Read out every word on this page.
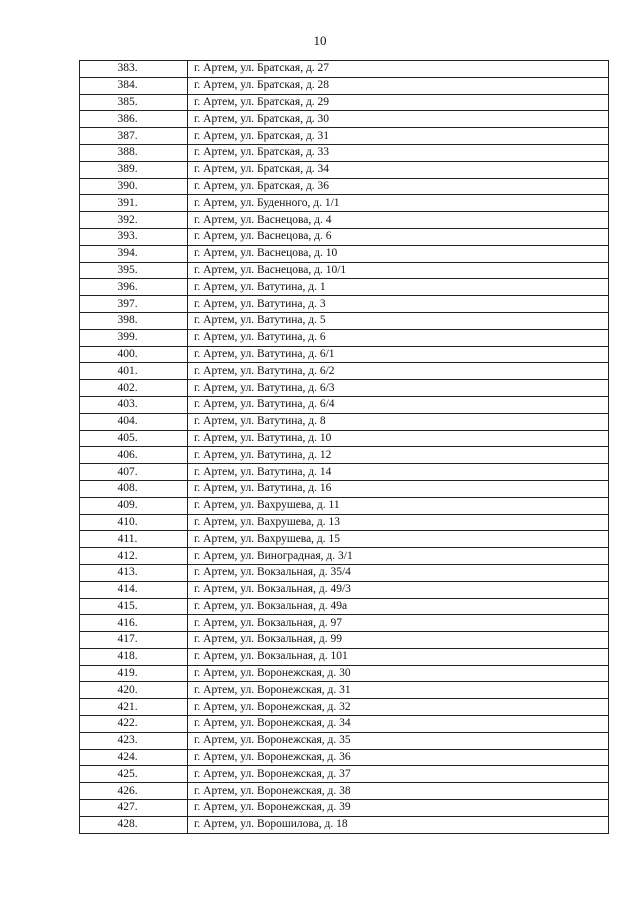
10
383.	г. Артем, ул. Братская, д. 27
384.	г. Артем, ул. Братская, д. 28
385.	г. Артем, ул. Братская, д. 29
386.	г. Артем, ул. Братская, д. 30
387.	г. Артем, ул. Братская, д. 31
388.	г. Артем, ул. Братская, д. 33
389.	г. Артем, ул. Братская, д. 34
390.	г. Артем, ул. Братская, д. 36
391.	г. Артем, ул. Буденного, д. 1/1
392.	г. Артем, ул. Васнецова, д. 4
393.	г. Артем, ул. Васнецова, д. 6
394.	г. Артем, ул. Васнецова, д. 10
395.	г. Артем, ул. Васнецова, д. 10/1
396.	г. Артем, ул. Ватутина, д. 1
397.	г. Артем, ул. Ватутина, д. 3
398.	г. Артем, ул. Ватутина, д. 5
399.	г. Артем, ул. Ватутина, д. 6
400.	г. Артем, ул. Ватутина, д. 6/1
401.	г. Артем, ул. Ватутина, д. 6/2
402.	г. Артем, ул. Ватутина, д. 6/3
403.	г. Артем, ул. Ватутина, д. 6/4
404.	г. Артем, ул. Ватутина, д. 8
405.	г. Артем, ул. Ватутина, д. 10
406.	г. Артем, ул. Ватутина, д. 12
407.	г. Артем, ул. Ватутина, д. 14
408.	г. Артем, ул. Ватутина, д. 16
409.	г. Артем, ул. Вахрушева, д. 11
410.	г. Артем, ул. Вахрушева, д. 13
411.	г. Артем, ул. Вахрушева, д. 15
412.	г. Артем, ул. Виноградная, д. 3/1
413.	г. Артем, ул. Вокзальная, д. 35/4
414.	г. Артем, ул. Вокзальная, д. 49/3
415.	г. Артем, ул. Вокзальная, д. 49а
416.	г. Артем, ул. Вокзальная, д. 97
417.	г. Артем, ул. Вокзальная, д. 99
418.	г. Артем, ул. Вокзальная, д. 101
419.	г. Артем, ул. Воронежская, д. 30
420.	г. Артем, ул. Воронежская, д. 31
421.	г. Артем, ул. Воронежская, д. 32
422.	г. Артем, ул. Воронежская, д. 34
423.	г. Артем, ул. Воронежская, д. 35
424.	г. Артем, ул. Воронежская, д. 36
425.	г. Артем, ул. Воронежская, д. 37
426.	г. Артем, ул. Воронежская, д. 38
427.	г. Артем, ул. Воронежская, д. 39
428.	г. Артем, ул. Ворошилова, д. 18
